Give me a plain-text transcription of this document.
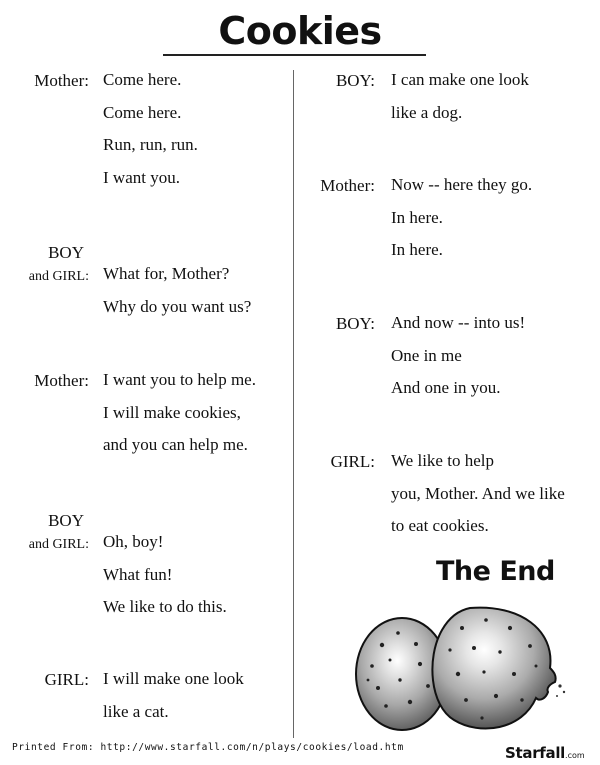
Cookies
Mother: Come here.
Come here.
Run, run, run.
I want you.
BOY
and GIRL: What for, Mother?
Why do you want us?
Mother: I want you to help me.
I will make cookies,
and you can help me.
BOY
and GIRL: Oh, boy!
What fun!
We like to do this.
GIRL: I will make one look
like a cat.
BOY: I can make one look
like a dog.
Mother: Now -- here they go.
In here.
In here.
BOY: And now -- into us!
One in me
And one in you.
GIRL: We like to help
you, Mother. And we like
to eat cookies.
The End
Printed From: http://www.starfall.com/n/plays/cookies/load.htm	Starfall.com
